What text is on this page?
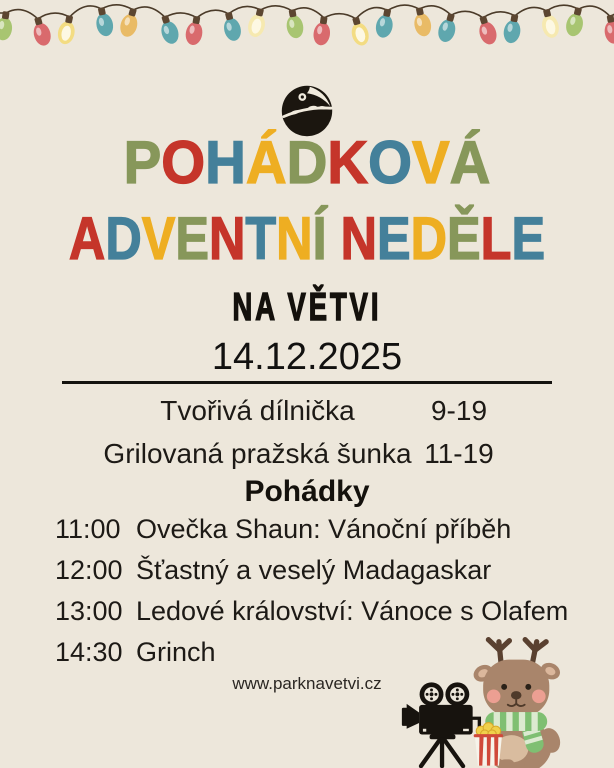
POHÁDKOVÁ
ADVENTNÍ NEDĚLE
NA VĚTVI
14.12.2025
Tvořivá dílnička	9-19
Grilovaná pražská šunka 11-19
Pohádky
11:00 Ovečka Shaun: Vánoční příběh
12:00 Šťastný a veselý Madagaskar
13:00 Ledové království: Vánoce s Olafem
14:30 Grinch
www.parknavetvi.cz
